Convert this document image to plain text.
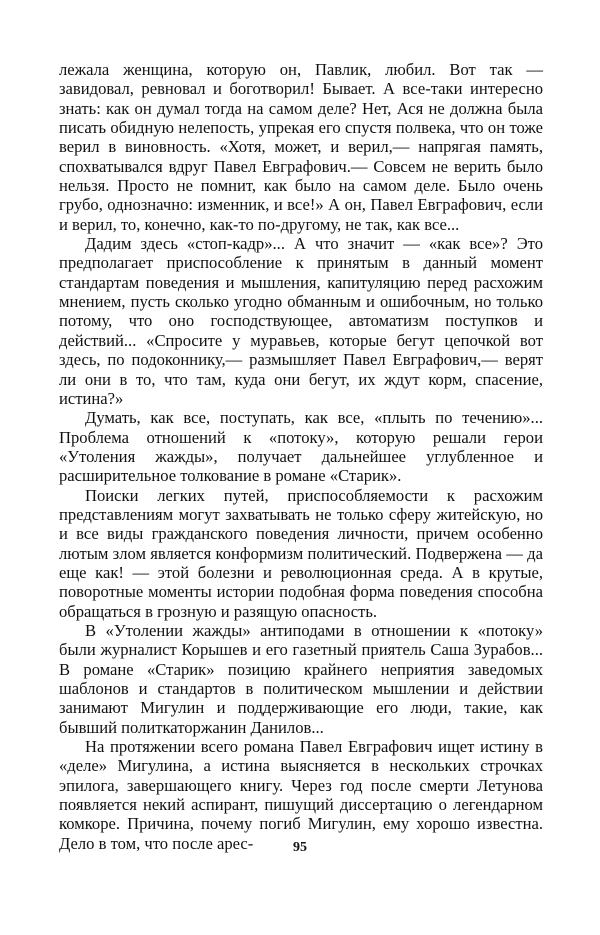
лежала женщина, которую он, Павлик, любил. Вот так — завидовал, ревновал и боготворил! Бывает. А все-таки интересно знать: как он думал тогда на самом деле? Нет, Ася не должна была писать обидную нелепость, упрекая его спустя полвека, что он тоже верил в виновность. «Хотя, может, и верил,— напрягая память, спохватывался вдруг Павел Евграфович.— Совсем не верить было нельзя. Просто не помнит, как было на самом деле. Было очень грубо, однозначно: изменник, и все!» А он, Павел Евграфович, если и верил, то, конечно, как-то по-другому, не так, как все...

Дадим здесь «стоп-кадр»... А что значит — «как все»? Это предполагает приспособление к принятым в данный момент стандартам поведения и мышления, капитуляцию перед расхожим мнением, пусть сколько угодно обманным и ошибочным, но только потому, что оно господствующее, автоматизм поступков и действий... «Спросите у муравьев, которые бегут цепочкой вот здесь, по подоконнику,— размышляет Павел Евграфович,— верят ли они в то, что там, куда они бегут, их ждут корм, спасение, истина?»

Думать, как все, поступать, как все, «плыть по течению»... Проблема отношений к «потоку», которую решали герои «Утоления жажды», получает дальнейшее углубленное и расширительное толкование в романе «Старик».

Поиски легких путей, приспособляемости к расхожим представлениям могут захватывать не только сферу житейскую, но и все виды гражданского поведения личности, причем особенно лютым злом является конформизм политический. Подвержена — да еще как! — этой болезни и революционная среда. А в крутые, поворотные моменты истории подобная форма поведения способна обращаться в грозную и разящую опасность.

В «Утолении жажды» антиподами в отношении к «потоку» были журналист Корышев и его газетный приятель Саша Зурабов... В романе «Старик» позицию крайнего неприятия заведомых шаблонов и стандартов в политическом мышлении и действии занимают Мигулин и поддерживающие его люди, такие, как бывший политкаторжанин Данилов...

На протяжении всего романа Павел Евграфович ищет истину в «деле» Мигулина, а истина выясняется в нескольких строчках эпилога, завершающего книгу. Через год после смерти Летунова появляется некий аспирант, пишущий диссертацию о легендарном комкоре. Причина, почему погиб Мигулин, ему хорошо известна. Дело в том, что после арес-	95
